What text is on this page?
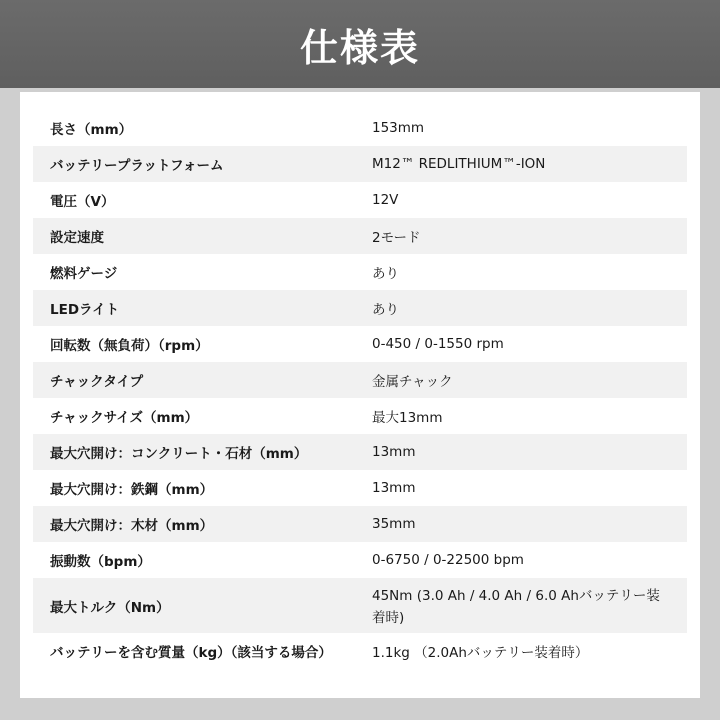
仕様表
長さ（mm）	153mm
バッテリープラットフォーム	M12™ REDLITHIUM™-ION
電圧（V）	12V
設定速度	2モード
燃料ゲージ	あり
LEDライト	あり
回転数（無負荷）（rpm）	0-450 / 0-1550 rpm
チャックタイプ	金属チャック
チャックサイズ（mm）	最大13mm
最大穴開け：コンクリート・石材（mm）	13mm
最大穴開け：鉄鋼（mm）	13mm
最大穴開け：木材（mm）	35mm
振動数（bpm）	0-6750 / 0-22500 bpm
最大トルク（Nm）	45Nm (3.0 Ah / 4.0 Ah / 6.0 Ahバッテリー装着時)
バッテリーを含む質量（kg）（該当する場合）	1.1kg （2.0Ahバッテリー装着時）
